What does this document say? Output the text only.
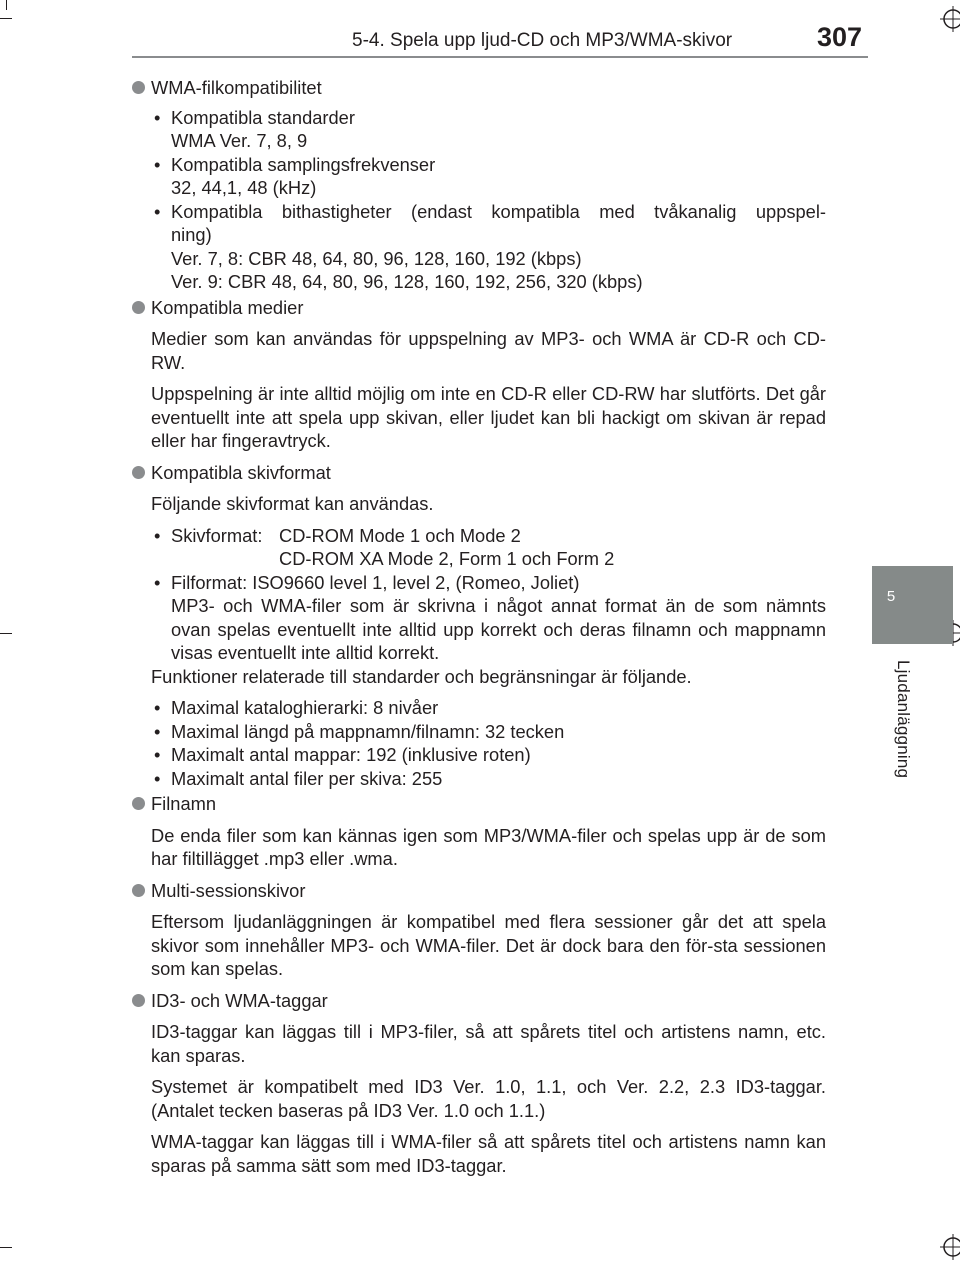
5-4. Spela upp ljud-CD och MP3/WMA-skivor	307
5
Ljudanläggning
WMA-filkompatibilitet
• Kompatibla standarder
WMA Ver. 7, 8, 9
• Kompatibla samplingsfrekvenser
32, 44,1, 48 (kHz)
• Kompatibla bithastigheter (endast kompatibla med tvåkanalig uppspel-
ning)
Ver. 7, 8: CBR 48, 64, 80, 96, 128, 160, 192 (kbps)
Ver. 9: CBR 48, 64, 80, 96, 128, 160, 192, 256, 320 (kbps)
Kompatibla medier
Medier som kan användas för uppspelning av MP3- och WMA är CD-R och CD-RW.
Uppspelning är inte alltid möjlig om inte en CD-R eller CD-RW har slutförts. Det går eventuellt inte att spela upp skivan, eller ljudet kan bli hackigt om skivan är repad eller har fingeravtryck.
Kompatibla skivformat
Följande skivformat kan användas.
• Skivformat: CD-ROM Mode 1 och Mode 2
CD-ROM XA Mode 2, Form 1 och Form 2
• Filformat: ISO9660 level 1, level 2, (Romeo, Joliet)
MP3- och WMA-filer som är skrivna i något annat format än de som nämnts ovan spelas eventuellt inte alltid upp korrekt och deras filnamn och mappnamn visas eventuellt inte alltid korrekt.
Funktioner relaterade till standarder och begränsningar är följande.
• Maximal kataloghierarki: 8 nivåer
• Maximal längd på mappnamn/filnamn: 32 tecken
• Maximalt antal mappar: 192 (inklusive roten)
• Maximalt antal filer per skiva: 255
Filnamn
De enda filer som kan kännas igen som MP3/WMA-filer och spelas upp är de som har filtillägget .mp3 eller .wma.
Multi-sessionskivor
Eftersom ljudanläggningen är kompatibel med flera sessioner går det att spela skivor som innehåller MP3- och WMA-filer. Det är dock bara den för-sta sessionen som kan spelas.
ID3- och WMA-taggar
ID3-taggar kan läggas till i MP3-filer, så att spårets titel och artistens namn, etc. kan sparas.
Systemet är kompatibelt med ID3 Ver. 1.0, 1.1, och Ver. 2.2, 2.3 ID3-taggar. (Antalet tecken baseras på ID3 Ver. 1.0 och 1.1.)
WMA-taggar kan läggas till i WMA-filer så att spårets titel och artistens namn kan sparas på samma sätt som med ID3-taggar.
